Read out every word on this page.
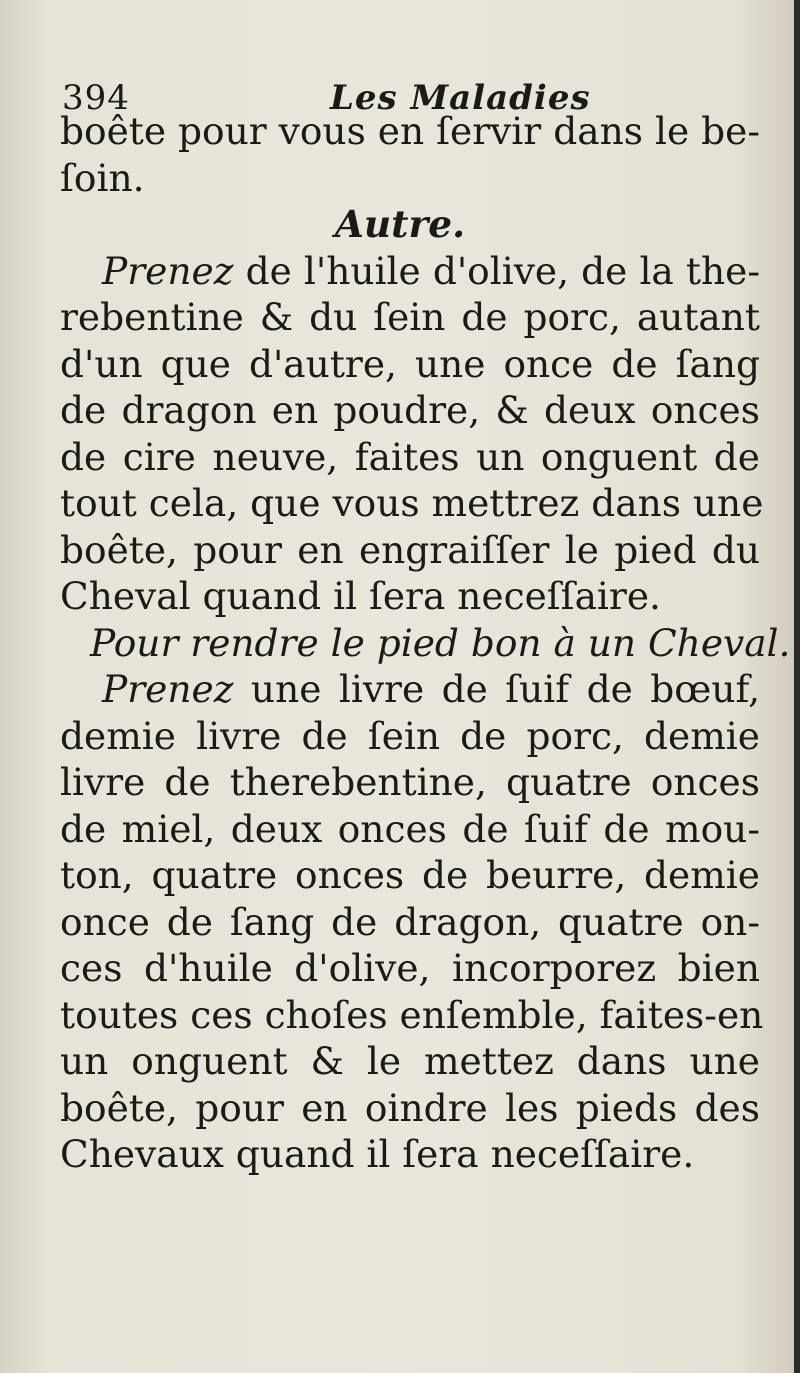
394	Les Maladies
boête pour vous en ſervir dans le be-
ſoin.
Autre.
Prenez de l'huile d'olive, de la the-
rebentine & du ſein de porc, autant
d'un que d'autre, une once de ſang
de dragon en poudre, & deux onces
de cire neuve, faites un onguent de
tout cela, que vous mettrez dans une
boête, pour en engraiſſer le pied du
Cheval quand il ſera neceſſaire.
Pour rendre le pied bon à un Cheval.
Prenez une livre de ſuif de bœuf,
demie livre de ſein de porc, demie
livre de therebentine, quatre onces
de miel, deux onces de ſuif de mou-
ton, quatre onces de beurre, demie
once de ſang de dragon, quatre on-
ces d'huile d'olive, incorporez bien
toutes ces choſes enſemble, faites-en
un onguent & le mettez dans une
boête, pour en oindre les pieds des
Chevaux quand il ſera neceſſaire.
